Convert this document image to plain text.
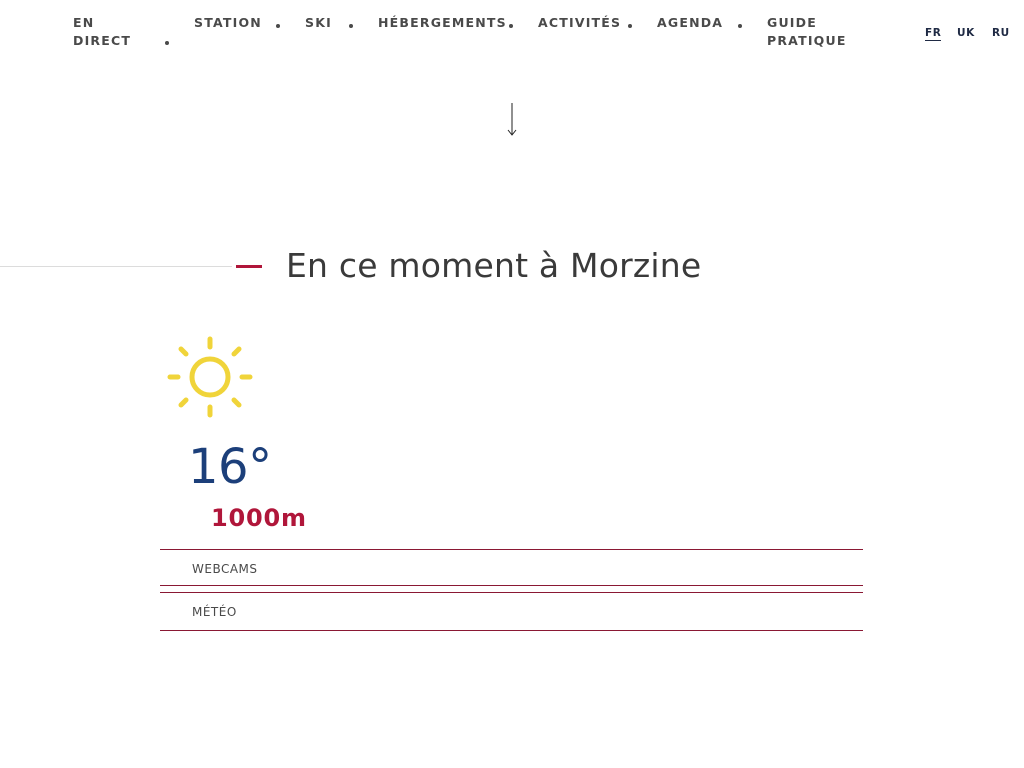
EN
DIRECT
STATION	SKI	HÉBERGEMENTS ACTIVITÉS	AGENDA	GUIDE
PRATIQUE	FR UK RU
En ce moment à Morzine
16°
1000m
WEBCAMS
MÉTÉO
